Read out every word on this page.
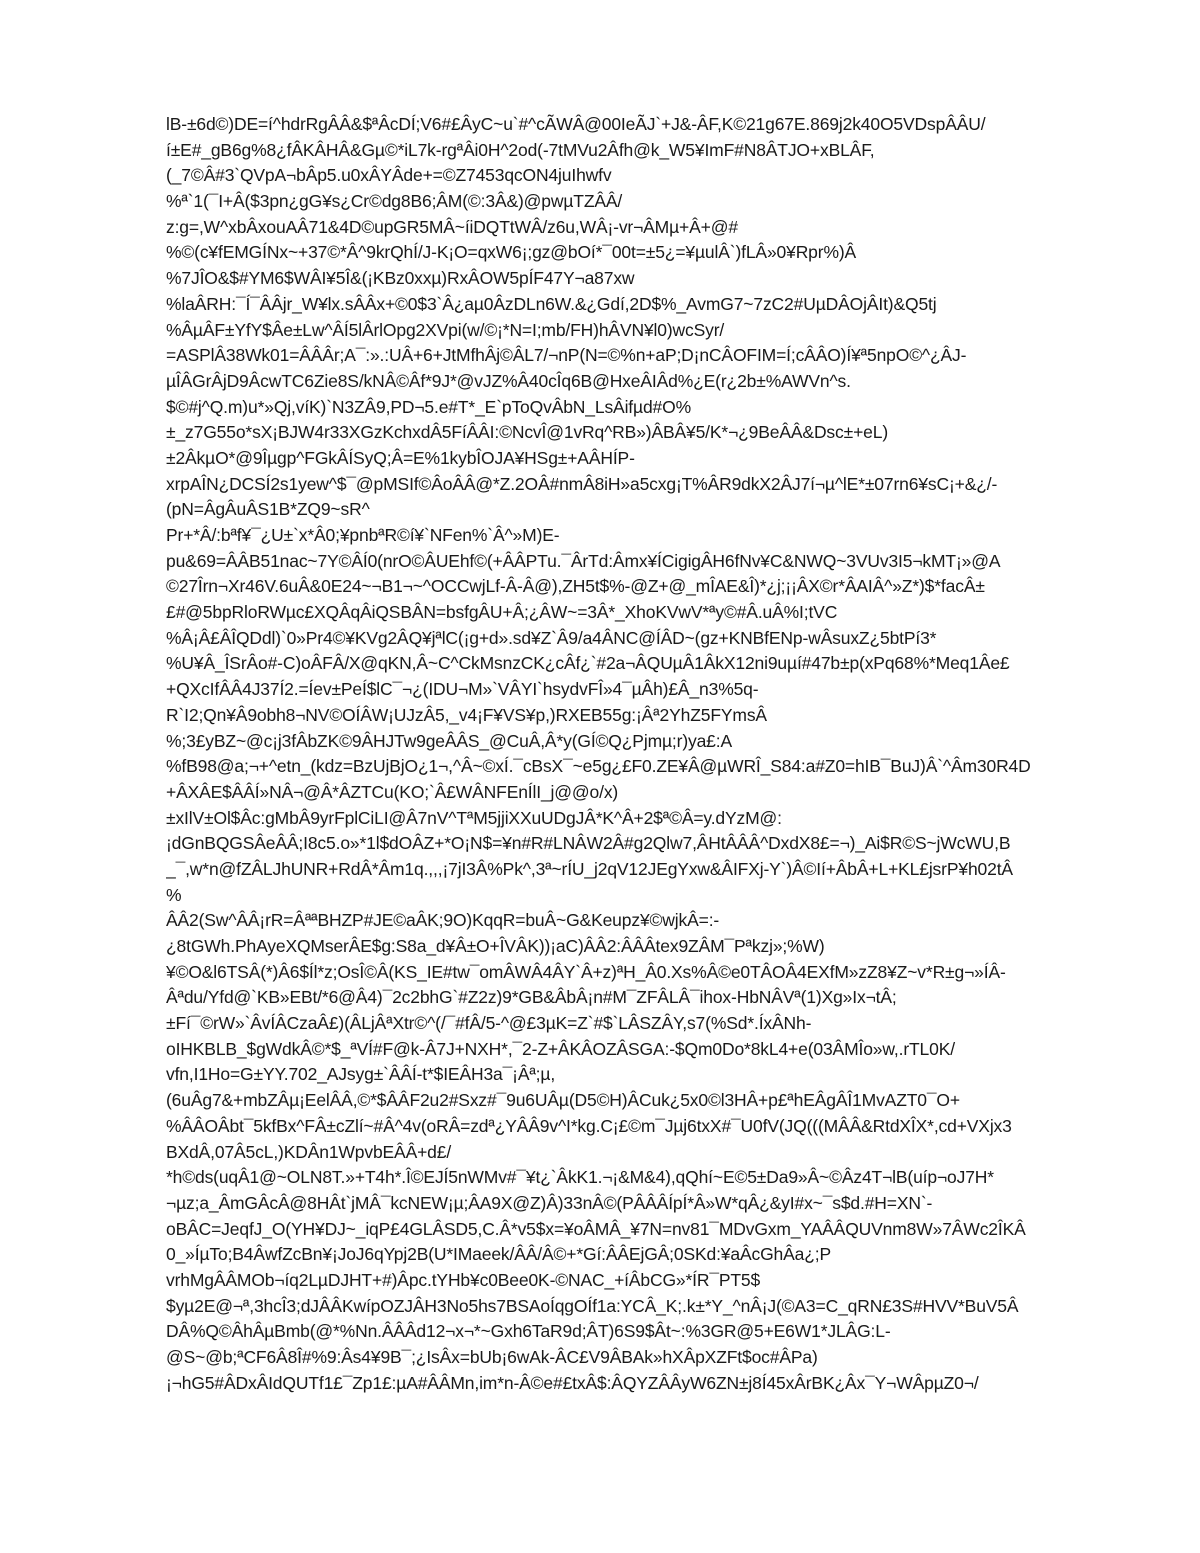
lB-±6d©)DE=í^hdrRgÂÂ&$ªÂcDÍ;V6#£ÂyC~u`#^cÃWÂ@00IeÃJ`+J&-ÂF,K©21g67E.869j2k40O5VDspÂÂU/
í±E#_gB6g%8¿fÂKÂHÂ&Gµ©*iL7k-rgªÂi0H^2od(-7tMVu2Âfh@k_W5¥ImF#N8ÂTJO+xBLÂF,
(_7©Â#3`QVpA¬bÂp5.u0xÂYÂde+=©Z7453qcON4juIhwfv
%ª`1(¯I+Â($3pn¿gG¥s¿Cr©dg8B6;ÂM(©:3Â&)@pwµTZÂÂ/
z:g=,W^xbÂxouAÂ71&4D©upGR5MÂ~íiDQTtWÂ/z6u,WÂ¡-vr¬ÂMµ+Â+@#
%©(c¥fEMGÍNx~+37©*Â^9krQhÍ/J-K¡O=qxW6¡;gz@bOí*¯00t=±5¿=¥µulÂ`)fLÂ»0¥Rpr%)Â
%7JÎO&$#YM6$WÂI¥5Î&(¡KBz0xxµ)RxÂOW5pÍF47Y¬a87xw
%laÂRH:¯Í¯ÂÂjr_W¥lx.sÂÂx+©0$3`Â¿aµ0ÂzDLn6W.&¿Gdí,2D$%_AvmG7~7zC2#UµDÂOjÂIt)&Q5tj
%ÂµÂF±YfY$Âe±Lw^ÂÍ5lÂrlOpg2XVpi(w/©¡*N=I;mb/FH)hÂVN¥l0)wcSyr/
=ASPlÂ38Wk01=ÂÂÂr;A¯:».:UÂ+6+JtMfhÂj©ÂL7/¬nP(N=©%n+aP;D¡nCÂOFIM=Í;cÂÂO)Í¥ª5npO©^¿ÂJ-
µÎÂGrÂjD9ÂcwTC6Zie8S/kNÂ©Âf*9J*@vJZ%Â40cÎq6B@HxeÂIÂd%¿E(r¿2b±%AWVn^s.
$©#j^Q.m)u*»Qj,víK)`N3ZÂ9,PD¬5.e#T*_E`pToQvÂbN_LsÂifµd#O%
±_z7G55o*sX¡BJW4r33XGzKchxdÂ5FíÂÂI:©NcvÎ@1vRq^RB»)ÂBÂ¥5/K*¬¿9BeÂÂ&Dsc±+eL)
±2ÂkµO*@9Îµgp^FGkÂÍSyQ;Â=E%1kybÎOJA¥HSg±+AÂHÍP-
xrpAÎN¿DCSÍ2s1yew^$¯@pMSIf©ÂoÂÂ@*Z.2OÂ#nmÂ8iH»a5cxg¡T%ÂR9dkX2ÂJ7í¬µ^lE*±07rn6¥sC¡+&¿/-
(pN=ÂgÂuÂS1B*ZQ9~sR^
Pr+*Â/:bªf¥¯¿U±`x*Â0;¥pnbªR©í¥`NFen%`Â^»M)E-
pu&69=ÂÂB51nac~7Y©ÂÍ0(nrO©ÂUEhf©(+ÂÂPTu.¯ÂrTd:Âmx¥ÍCigigÂH6fNv¥C&NWQ~3VUv3I5¬kMT¡»@A
©27Îrn¬Xr46V.6uÂ&0E24~¬B1¬~^OCCwjLf-Â-Â@),ZH5t$%-@Z+@_mÎAE&Î)*¿j;¡¡ÂX©r*ÂAIÂ^»Z*)$*facÂ±
£#@5bpRloRWµc£XQÂqÂiQSBÂN=bsfgÂU+Â;¿ÂW~=3Â*_XhoKVwV*ªy©#Â.uÂ%I;tVC
%Â¡Â£ÂÎQDdl)`0»Pr4©¥KVg2ÂQ¥jªlC(¡g+d».sd¥Z`Â9/a4ÂNC@ÍÂD~(gz+KNBfENp-wÂsuxZ¿5btPí3*
%U¥Â_ÎSrÂo#-C)oÂFÂ/X@qKN,Â~C^CkMsnzCK¿cÂf¿`#2a¬ÂQUµÂ1ÂkX12ni9uµí#47b±p(xPq68%*Meq1Âe£
+QXcIfÂÂ4J37Í2.=Íev±PeÍ$lC¯¬¿(IDU¬M»`VÂYI`hsydvFÎ»4¯µÂh)£Â_n3%5q-
R`I2;Qn¥Â9obh8¬NV©OÍÂW¡UJzÂ5,_v4¡F¥VS¥p,)RXEB55g:¡Âª2YhZ5FYmsÂ
%;3£yBZ~@c¡j3fÂbZK©9ÂHJTw9geÂÂS_@CuÂ,Â*y(GÍ©Q¿Pjmµ;r)ya£:A
%fB98@a;¬+^etn_(kdz=BzUjBjO¿1¬,^Â~©xÍ.¯cBsX¯~e5g¿£F0.ZE¥Â@µWRÎ_S84:a#Z0=hIB¯BuJ)Â`^Âm30R4D
+ÂXÂE$ÂÂÍ»NÂ¬@Â*ÂZTCu(KO;`Â£WÂNFEnÍlI_j@@o/x)
±xIlV±Ol$Âc:gMbÂ9yrFplCiLI@Â7nV^TªM5jjiXXuUDgJÂ*K^Â+2$ª©Â=y.dYzM@:
¡dGnBQGSÂeÂÂ;I8c5.o»*1l$dOÂZ+*O¡N$=¥n#R#LNÂW2Â#g2Qlw7,ÂHtÂÂÂ^DxdX8£=¬)_Ai$R©S~jWcWU,B
_¯,w*n@fZÂLJhUNR+RdÂ*Âm1q.,,,¡7jI3Â%Pk^,3ª~rÍU_j2qV12JEgYxw&ÂIFXj-Y`)Â©Ií+ÂbÂ+L+KL£jsrP¥h02tÂ
%
ÂÂ2(Sw^ÂÂ¡rR=ÂªªBHZP#JE©aÂK;9O)KqqR=buÂ~G&Keupz¥©wjkÂ=:-
¿8tGWh.PhAyeXQMserÂE$g:S8a_d¥Â±O+ÎVÂK))¡aC)ÂÂ2:ÂÂÂtex9ZÂM¯Pªkzj»;%W)
¥©O&l6TSÂ(*)Â6$Íl*z;OsÎ©Â(KS_IE#tw¯omÂWÂ4ÂY`Â+z)ªH_Â0.Xs%Â©e0TÂOÂ4EXfM»zZ8¥Z~v*R±g¬»ÍÂ-
Âªdu/Yfd@`KB»EBt/*6@Â4)¯2c2bhG`#Z2z)9*GB&ÂbÂ¡n#M¯ZFÂLÂ¯ihox-HbNÂVª(1)Xg»Ix¬tÂ;
±Fí¯©rW»`ÂvÍÂCzaÂ£)(ÂLjÂªXtr©^(/¯#fÂ/5-^@£3µK=Z`#$`LÂSZÂY,s7(%Sd*.ÍxÂNh-
oIHKBLB_$gWdkÂ©*$_ªVÍ#F@k-Â7J+NXH*,¯2-Z+ÂKÂOZÂSGA:-$Qm0Do*8kL4+e(03ÂMÎo»w,.rTL0K/
vfn,I1Ho=G±YY.702_AJsyg±`ÂÂÍ-t*$IEÂH3a¯¡Âª;µ,
(6uÂg7&+mbZÂµ¡EelÂÂ,©*$ÂÂF2u2#Sxz#¯9u6UÂµ(D5©H)ÂCuk¿5x0©l3HÂ+p£ªhEÂgÂÎ1MvAZT0¯O+
%ÂÂOÂbt¯5kfBx^FÂ±cZlí~#Â^4v(oRÂ=zdª¿YÂÂ9v^I*kg.C¡£©m¯Jµj6txX#¯U0fV(JQ(((MÂÂ&RtdXÎX*,cd+VXjx3
BXdÂ,07Â5cL,)KDÂn1WpvbEÂÂ+d£/
*h©ds(uqÂ1@~OLN8T.»+T4h*.Î©EJÍ5nWMv#¯¥t¿`ÂkK1.¬¡&M&4),qQhí~E©5±Da9»Â~©Âz4T¬lB(uíp¬oJ7H*
¬µz;a_ÂmGÂcÂ@8HÂt`jMÂ¯kcNEW¡µ;ÂA9X@Z)Â)33nÂ©(PÂÂÂÍpÍ*Â»W*qÂ¿&yI#x~¯s$d.#H=XN`-
oBÂC=JeqfJ_O(YH¥DJ~_iqP£4GLÂSD5,C.Â*v5$x=¥oÂMÂ_¥7N=nv81¯MDvGxm_YAÂÂQUVnm8W»7ÂWc2ÎKÂ
0_»ÍµTo;B4ÂwfZcBn¥¡JoJ6qYpj2B(U*IMaeek/ÂÂ/Â©+*Gí:ÂÂEjGÂ;0SKd:¥aÂcGhÂa¿;P
vrhMgÂÂMOb¬íq2LµDJHT+#)Âpc.tYHb¥c0Bee0K-©NAC_+íÂbCG»*ÍR¯PT5$
$yµ2E@¬ª,3hcÎ3;dJÂÂKwípOZJÂH3No5hs7BSAoÍqgOÍf1a:YCÂ_K;.k±*Y_^nÂ¡J(©A3=C_qRN£3S#HVV*BuV5Â
DÂ%Q©ÂhÂµBmb(@*%Nn.ÂÂÂd12¬x¬*~Gxh6TaR9d;ÂT)6S9$Ât~:%3GR@5+E6W1*JLÂG:L-
@S~@b;ªCF6Â8Î#%9:Âs4¥9B¯;¿IsÂx=bUb¡6wAk-ÂC£V9ÂBAk»hXÂpXZFt$oc#ÂPa)
¡¬hG5#ÂDxÂIdQUTf1£¯Zp1£:µA#ÂÂMn,im*n-Â©e#£txÂ$:ÂQYZÂÂyW6ZN±j8Í45xÂrBK¿Âx¯Y¬WÂpµZ0¬/
